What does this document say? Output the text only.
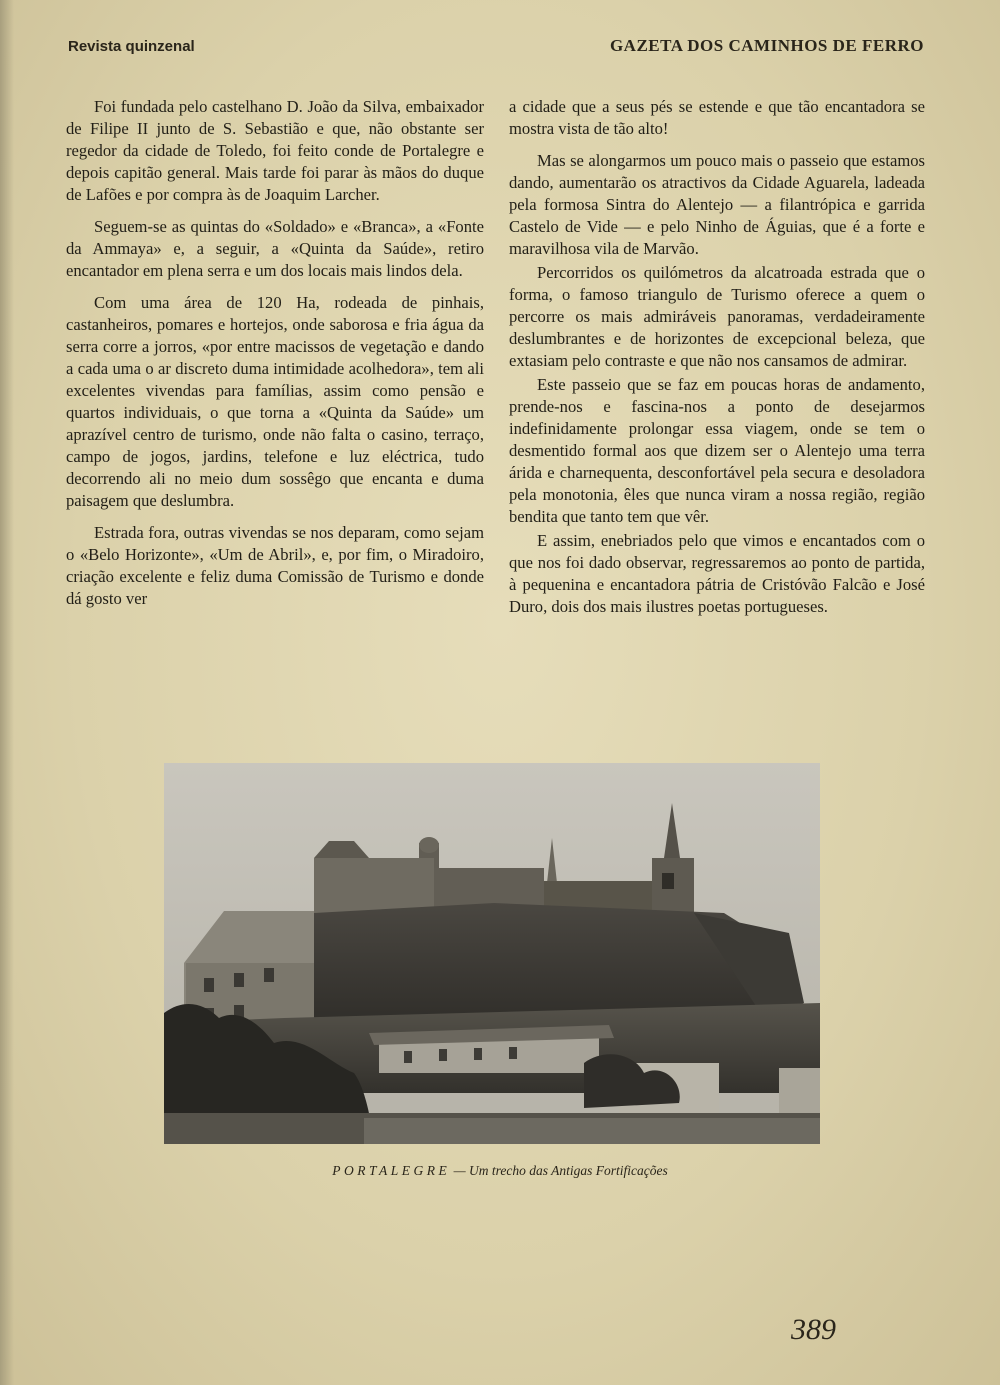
Revista quinzenal	GAZETA DOS CAMINHOS DE FERRO

Foi fundada pelo castelhano D. João da Silva, embaixador de Filipe II junto de S. Sebastião e que, não obstante ser regedor da cidade de Toledo, foi feito conde de Portalegre e depois capitão general. Mais tarde foi parar às mãos do duque de Lafões e por compra às de Joaquim Larcher.

Seguem-se as quintas do «Soldado» e «Branca», a «Fonte da Ammaya» e, a seguir, a «Quinta da Saúde», retiro encantador em plena serra e um dos locais mais lindos dela.

Com uma área de 120 Ha, rodeada de pinhais, castanheiros, pomares e hortejos, onde saborosa e fria água da serra corre a jorros, «por entre macissos de vegetação e dando a cada uma o ar discreto duma intimidade acolhedora», tem ali excelentes vivendas para famílias, assim como pensão e quartos individuais, o que torna a «Quinta da Saúde» um aprazível centro de turismo, onde não falta o casino, terraço, campo de jogos, jardins, telefone e luz eléctrica, tudo decorrendo ali no meio dum sossêgo que encanta e duma paisagem que deslumbra.

Estrada fora, outras vivendas se nos deparam, como sejam o «Belo Horizonte», «Um de Abril», e, por fim, o Miradoiro, criação excelente e feliz duma Comissão de Turismo e donde dá gosto ver

a cidade que a seus pés se estende e que tão encantadora se mostra vista de tão alto!

Mas se alongarmos um pouco mais o passeio que estamos dando, aumentarão os atractivos da Cidade Aguarela, ladeada pela formosa Sintra do Alentejo — a filantrópica e garrida Castelo de Vide — e pelo Ninho de Águias, que é a forte e maravilhosa vila de Marvão.

Percorridos os quilómetros da alcatroada estrada que o forma, o famoso triangulo de Turismo oferece a quem o percorre os mais admiráveis panoramas, verdadeiramente deslumbrantes e de horizontes de excepcional beleza, que extasiam pelo contraste e que não nos cansamos de admirar.

Este passeio que se faz em poucas horas de andamento, prende-nos e fascina-nos a ponto de desejarmos indefinidamente prolongar essa viagem, onde se tem o desmentido formal aos que dizem ser o Alentejo uma terra árida e charnequenta, desconfortável pela secura e desoladora pela monotonia, êles que nunca viram a nossa região, região bendita que tanto tem que vêr.

E assim, enebriados pelo que vimos e encantados com o que nos foi dado observar, regressaremos ao ponto de partida, à pequenina e encantadora pátria de Cristóvão Falcão e José Duro, dois dos mais ilustres poetas portugueses.

PORTALEGRE — Um trecho das Antigas Fortificações
389
